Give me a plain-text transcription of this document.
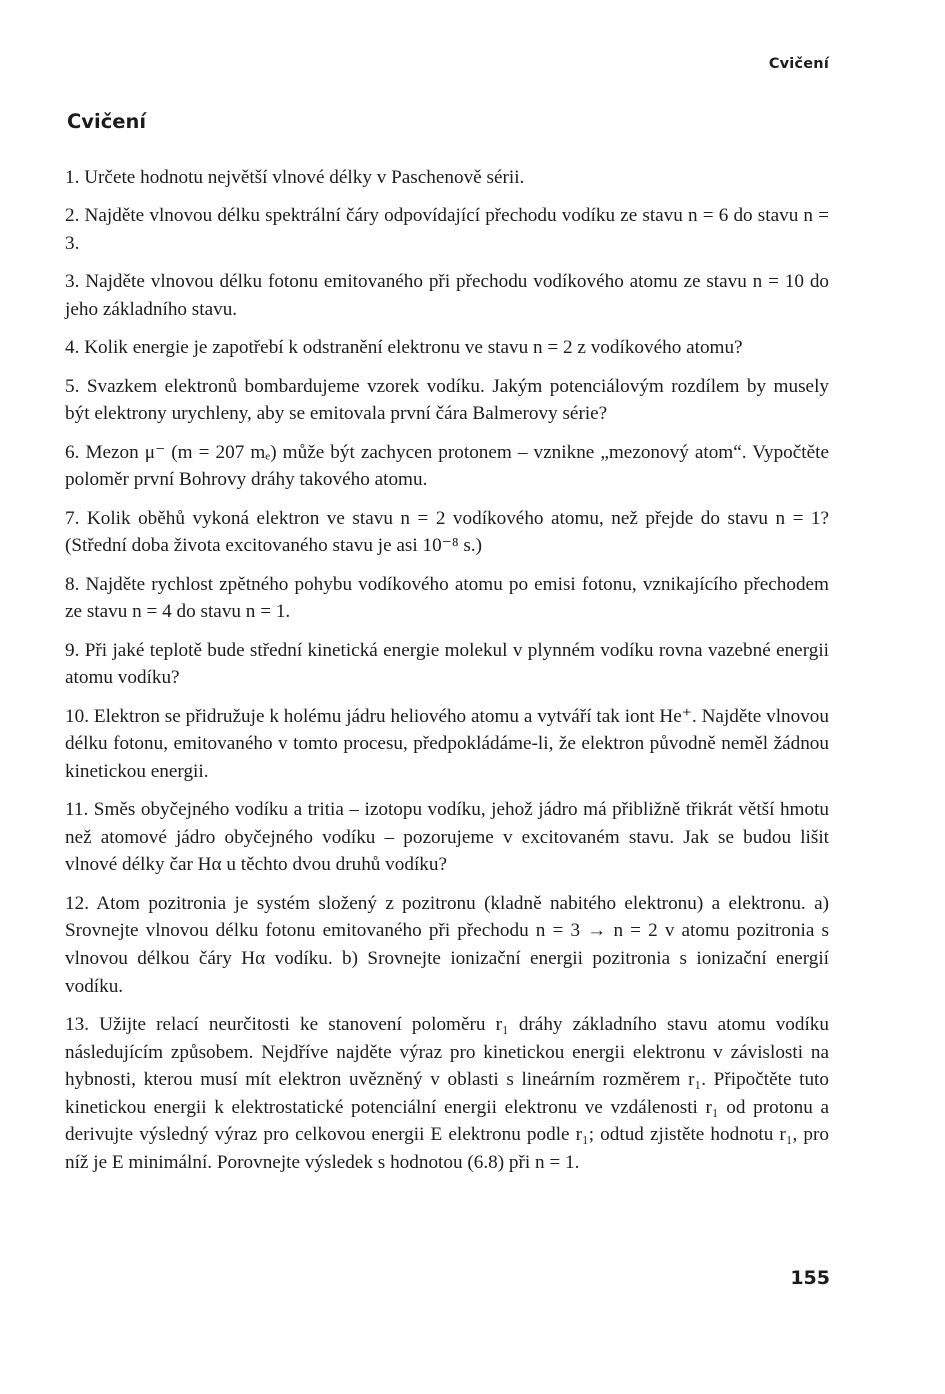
Cvičení
Cvičení

1. Určete hodnotu největší vlnové délky v Paschenově sérii.

2. Najděte vlnovou délku spektrální čáry odpovídající přechodu vodíku ze stavu n = 6 do stavu n = 3.

3. Najděte vlnovou délku fotonu emitovaného při přechodu vodíkového atomu ze stavu n = 10 do jeho základního stavu.

4. Kolik energie je zapotřebí k odstranění elektronu ve stavu n = 2 z vodíkového atomu?

5. Svazkem elektronů bombardujeme vzorek vodíku. Jakým potenciálovým rozdílem by musely být elektrony urychleny, aby se emitovala první čára Balmerovy série?

6. Mezon μ⁻ (m = 207 mₑ) může být zachycen protonem – vznikne „mezonový atom“. Vypočtěte poloměr první Bohrovy dráhy takového atomu.

7. Kolik oběhů vykoná elektron ve stavu n = 2 vodíkového atomu, než přejde do stavu n = 1? (Střední doba života excitovaného stavu je asi 10⁻⁸ s.)

8. Najděte rychlost zpětného pohybu vodíkového atomu po emisi fotonu, vznikajícího přechodem ze stavu n = 4 do stavu n = 1.

9. Při jaké teplotě bude střední kinetická energie molekul v plynném vodíku rovna vazebné energii atomu vodíku?

10. Elektron se přidružuje k holému jádru heliového atomu a vytváří tak iont He⁺. Najděte vlnovou délku fotonu, emitovaného v tomto procesu, předpokládáme-li, že elektron původně neměl žádnou kinetickou energii.

11. Směs obyčejného vodíku a tritia – izotopu vodíku, jehož jádro má přibližně třikrát větší hmotu než atomové jádro obyčejného vodíku – pozorujeme v excitovaném stavu. Jak se budou lišit vlnové délky čar Hα u těchto dvou druhů vodíku?

12. Atom pozitronia je systém složený z pozitronu (kladně nabitého elektronu) a elektronu. a) Srovnejte vlnovou délku fotonu emitovaného při přechodu n = 3 → n = 2 v atomu pozitronia s vlnovou délkou čáry Hα vodíku. b) Srovnejte ionizační energii pozitronia s ionizační energií vodíku.

13. Užijte relací neurčitosti ke stanovení poloměru r₁ dráhy základního stavu atomu vodíku následujícím způsobem. Nejdříve najděte výraz pro kinetickou energii elektronu v závislosti na hybnosti, kterou musí mít elektron uvězněný v oblasti s lineárním rozměrem r₁. Připočtěte tuto kinetickou energii k elektrostatické potenciální energii elektronu ve vzdálenosti r₁ od protonu a derivujte výsledný výraz pro celkovou energii E elektronu podle r₁; odtud zjistěte hodnotu r₁, pro níž je E minimální. Porovnejte výsledek s hodnotou (6.8) při n = 1.

155
